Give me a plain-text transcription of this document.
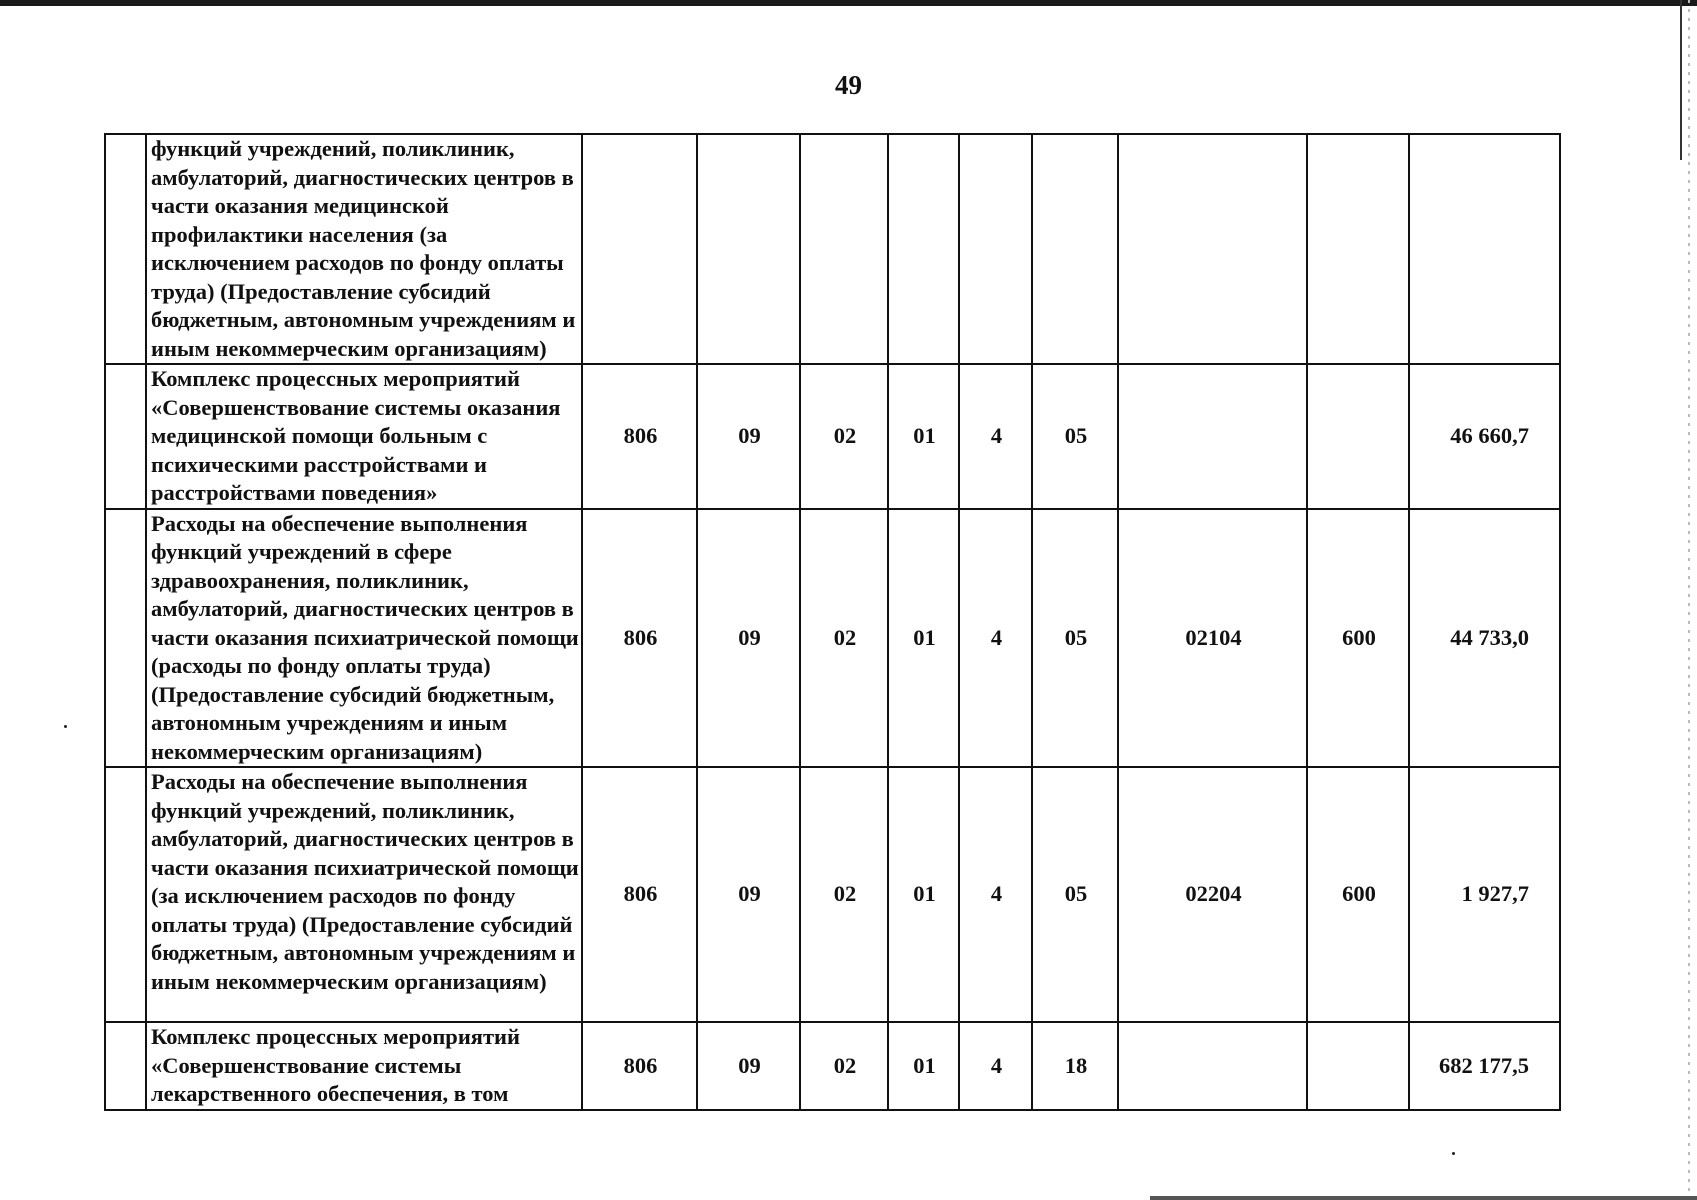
49
	функций учреждений, поликлиник, амбулаторий, диагностических центров в части оказания медицинской профилактики населения (за исключением расходов по фонду оплаты труда) (Предоставление субсидий бюджетным, автономным учреждениям и иным некоммерческим организациям)									
	Комплекс процессных мероприятий «Совершенствование системы оказания медицинской помощи больным с психическими расстройствами и расстройствами поведения»	806	09	02	01	4	05			46 660,7
	Расходы на обеспечение выполнения функций учреждений в сфере здравоохранения, поликлиник, амбулаторий, диагностических центров в части оказания психиатрической помощи (расходы по фонду оплаты труда) (Предоставление субсидий бюджетным, автономным учреждениям и иным некоммерческим организациям)	806	09	02	01	4	05	02104	600	44 733,0
	Расходы на обеспечение выполнения функций учреждений, поликлиник, амбулаторий, диагностических центров в части оказания психиатрической помощи (за исключением расходов по фонду оплаты труда) (Предоставление субсидий бюджетным, автономным учреждениям и иным некоммерческим организациям)	806	09	02	01	4	05	02204	600	1 927,7
	Комплекс процессных мероприятий «Совершенствование системы лекарственного обеспечения, в том	806	09	02	01	4	18			682 177,5
